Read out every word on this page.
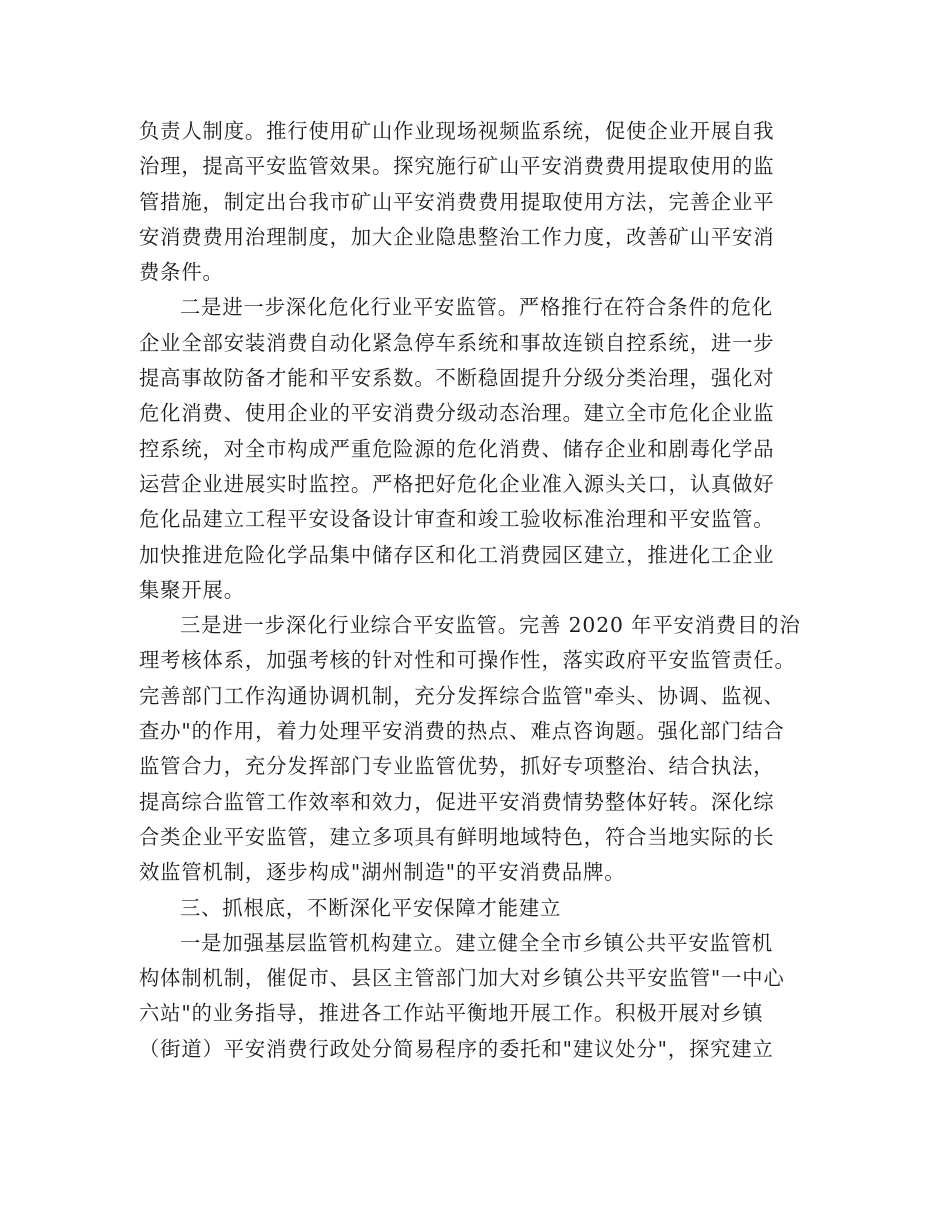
负责人制度。推行使用矿山作业现场视频监系统，促使企业开展自我
治理，提高平安监管效果。探究施行矿山平安消费费用提取使用的监
管措施，制定出台我市矿山平安消费费用提取使用方法，完善企业平
安消费费用治理制度，加大企业隐患整治工作力度，改善矿山平安消
费条件。
二是进一步深化危化行业平安监管。严格推行在符合条件的危化
企业全部安装消费自动化紧急停车系统和事故连锁自控系统，进一步
提高事故防备才能和平安系数。不断稳固提升分级分类治理，强化对
危化消费、使用企业的平安消费分级动态治理。建立全市危化企业监
控系统，对全市构成严重危险源的危化消费、储存企业和剧毒化学品
运营企业进展实时监控。严格把好危化企业准入源头关口，认真做好
危化品建立工程平安设备设计审查和竣工验收标准治理和平安监管。
加快推进危险化学品集中储存区和化工消费园区建立，推进化工企业
集聚开展。
三是进一步深化行业综合平安监管。完善 2020 年平安消费目的治
理考核体系，加强考核的针对性和可操作性，落实政府平安监管责任。
完善部门工作沟通协调机制，充分发挥综合监管"牵头、协调、监视、
查办"的作用，着力处理平安消费的热点、难点咨询题。强化部门结合
监管合力，充分发挥部门专业监管优势，抓好专项整治、结合执法，
提高综合监管工作效率和效力，促进平安消费情势整体好转。深化综
合类企业平安监管，建立多项具有鲜明地域特色，符合当地实际的长
效监管机制，逐步构成"湖州制造"的平安消费品牌。
三、抓根底，不断深化平安保障才能建立
一是加强基层监管机构建立。建立健全全市乡镇公共平安监管机
构体制机制，催促市、县区主管部门加大对乡镇公共平安监管"一中心
六站"的业务指导，推进各工作站平衡地开展工作。积极开展对乡镇
（街道）平安消费行政处分简易程序的委托和"建议处分"，探究建立
